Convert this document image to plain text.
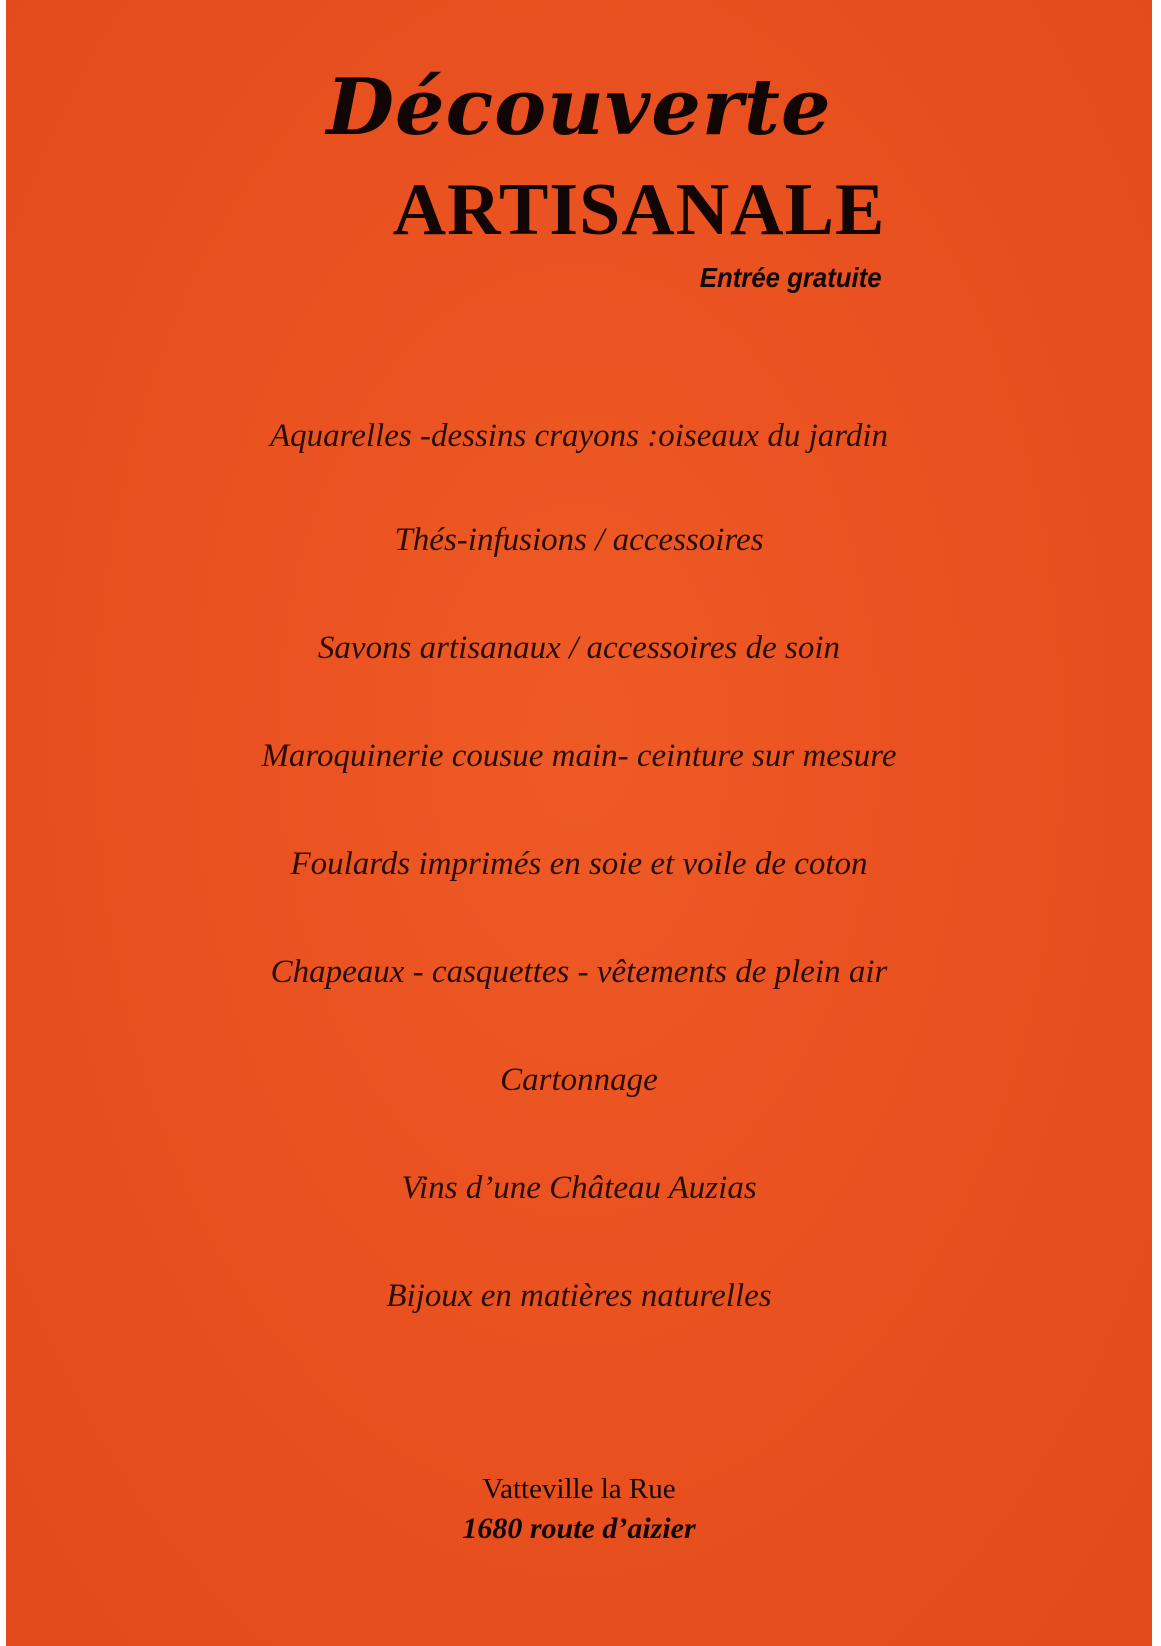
Découverte
ARTISANALE

Entrée gratuite

Aquarelles -dessins crayons :oiseaux du jardin
Thés-infusions / accessoires
Savons artisanaux / accessoires de soin
Maroquinerie cousue main- ceinture sur mesure
Foulards imprimés en soie et voile de coton
Chapeaux - casquettes - vêtements de plein air
Cartonnage
Vins d’une Château Auzias
Bijoux en matières naturelles

Vatteville la Rue

1680 route d’aizier
